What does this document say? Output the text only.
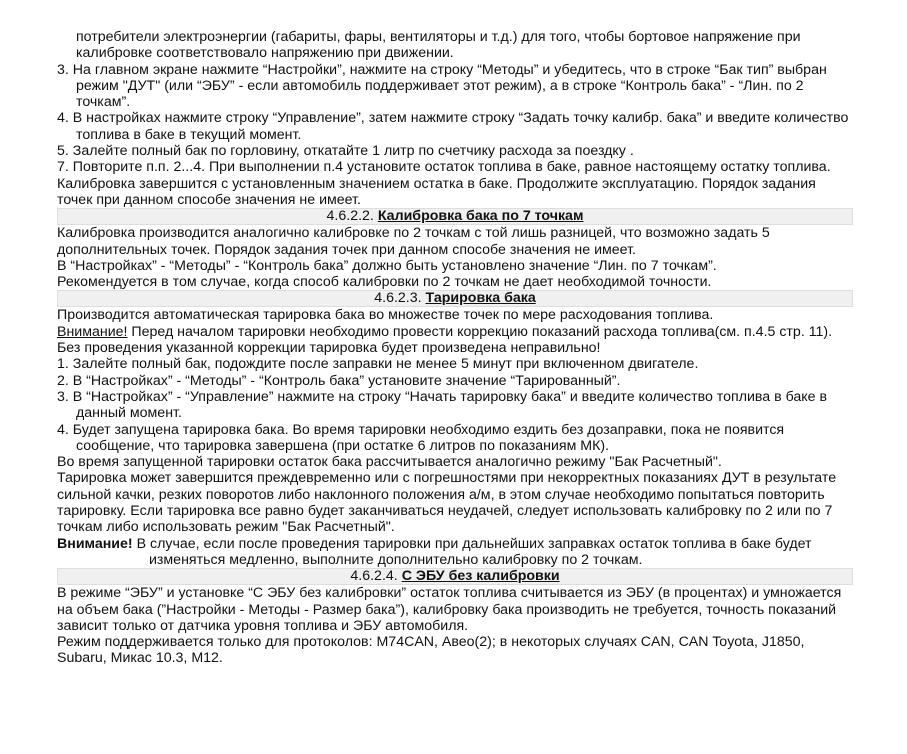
потребители электроэнергии (габариты, фары, вентиляторы и т.д.) для того, чтобы бортовое напряжение при калибровке соответствовало напряжению при движении.

3. На главном экране нажмите “Настройки”, нажмите на строку “Методы” и убедитесь, что в строке “Бак тип” выбран режим "ДУТ" (или “ЭБУ” - если автомобиль поддерживает этот режим), а в строке “Контроль бака” - “Лин. по 2 точкам”.

4. В настройках нажмите строку “Управление”, затем нажмите строку “Задать точку калибр. бака” и введите количество топлива в баке в текущий момент.

5. Залейте полный бак по горловину, откатайте 1 литр по счетчику расхода за поездку .

7. Повторите п.п. 2...4. При выполнении п.4 установите остаток топлива в баке, равное настоящему остатку топлива.

Калибровка завершится с установленным значением остатка в баке. Продолжите эксплуатацию. Порядок задания точек при данном способе значения не имеет.

4.6.2.2. Калибровка бака по 7 точкам

Калибровка производится аналогично калибровке по 2 точкам с той лишь разницей, что возможно задать 5 дополнительных точек. Порядок задания точек при данном способе значения не имеет.

В “Настройках” - “Методы” - “Контроль бака” должно быть установлено значение “Лин. по 7 точкам”.

Рекомендуется в том случае, когда способ калибровки по 2 точкам не дает необходимой точности.

4.6.2.3. Тарировка бака

Производится автоматическая тарировка бака во множестве точек по мере расходования топлива.

Внимание! Перед началом тарировки необходимо провести коррекцию показаний расхода топлива(см. п.4.5 стр. 11). Без проведения указанной коррекции тарировка будет произведена неправильно!

1. Залейте полный бак, подождите после заправки не менее 5 минут при включенном двигателе.

2. В “Настройках” - “Методы” - “Контроль бака” установите значение “Тарированный”.

3. В “Настройках” - “Управление” нажмите на строку “Начать тарировку бака” и введите количество топлива в баке в данный момент.

4. Будет запущена тарировка бака. Во время тарировки необходимо ездить без дозаправки, пока не появится сообщение, что тарировка завершена (при остатке 6 литров по показаниям МК).

Во время запущенной тарировки остаток бака рассчитывается аналогично режиму "Бак Расчетный".

Тарировка может завершится преждевременно или с погрешностями при некорректных показаниях ДУТ в результате сильной качки, резких поворотов либо наклонного положения а/м, в этом случае необходимо попытаться повторить тарировку. Если тарировка все равно будет заканчиваться неудачей, следует использовать калибровку по 2 или по 7 точкам либо использовать режим "Бак Расчетный".

Внимание! В случае, если после проведения тарировки при дальнейших заправках остаток топлива в баке будет изменяться медленно, выполните дополнительно калибровку по 2 точкам.

4.6.2.4. С ЭБУ без калибровки

В режиме “ЭБУ” и установке “С ЭБУ без калибровки” остаток топлива считывается из ЭБУ (в процентах) и умножается на объем бака (”Настройки - Методы - Размер бака”), калибровку бака производить не требуется, точность показаний зависит только от датчика уровня топлива и ЭБУ автомобиля.

Режим поддерживается только для протоколов: M74CAN, Авео(2); в некоторых случаях CAN, CAN Toyota, J1850, Subaru, Микас 10.3, M12.
